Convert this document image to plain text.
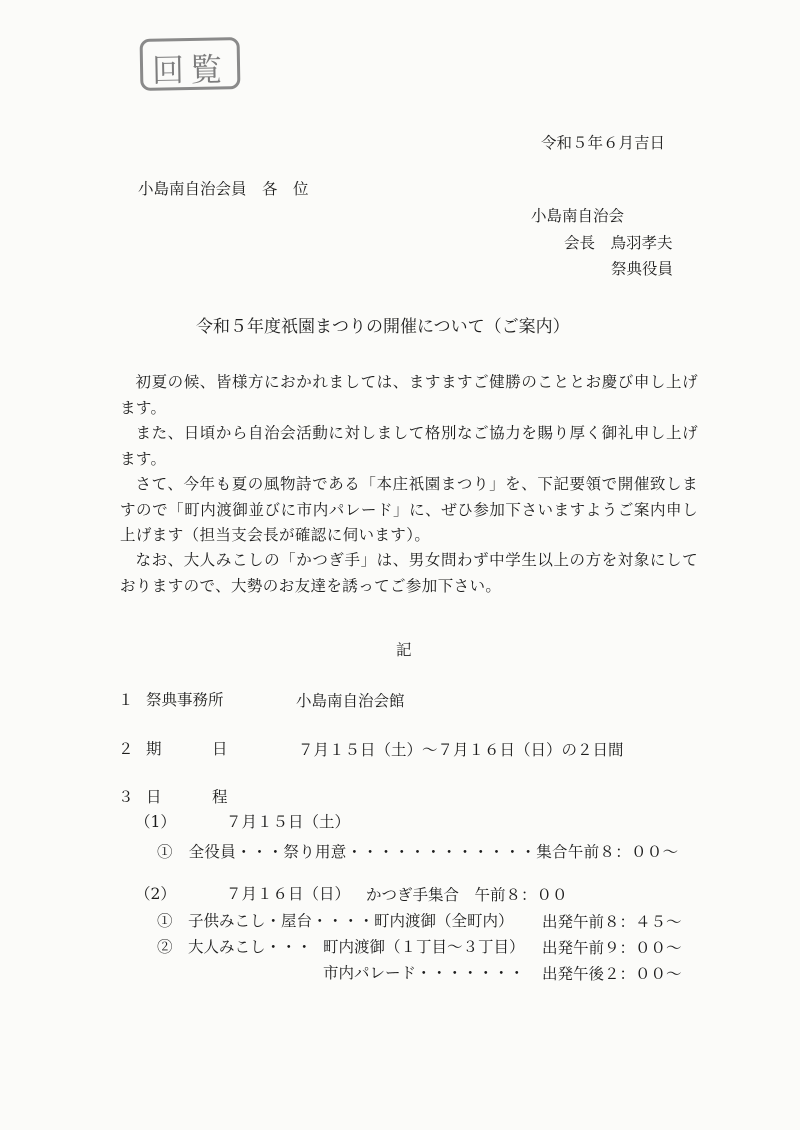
回覧
令和５年６月吉日
小島南自治会員　各　位
小島南自治会
会長　鳥羽孝夫
祭典役員
令和５年度祇園まつりの開催について（ご案内）
初夏の候、皆様方におかれましては、ますますご健勝のこととお慶び申し上げます。
また、日頃から自治会活動に対しまして格別なご協力を賜り厚く御礼申し上げます。
さて、今年も夏の風物詩である「本庄祇園まつり」を、下記要領で開催致しますので「町内渡御並びに市内パレード」に、ぜひ参加下さいますようご案内申し上げます（担当支会長が確認に伺います）。
なお、大人みこしの「かつぎ手」は、男女問わず中学生以上の方を対象にしておりますので、大勢のお友達を誘ってご参加下さい。
記
１ 祭典事務所	小島南自治会館
２ 期	日	７月１５日（土）～７月１６日（日）の２日間
３ 日	程
（1）	７月１５日（土）
①　全役員・・・祭り用意・・・・・・・・・・・・集合午前８：００～
（2）	７月１６日（日） かつぎ手集合　午前８：００
①　子供みこし・屋台・・・・町内渡御（全町内） 出発午前８：４５～
②　大人みこし・・・ 町内渡御（１丁目～３丁目） 出発午前９：００～
市内パレード・・・・・・・ 出発午後２：００～
